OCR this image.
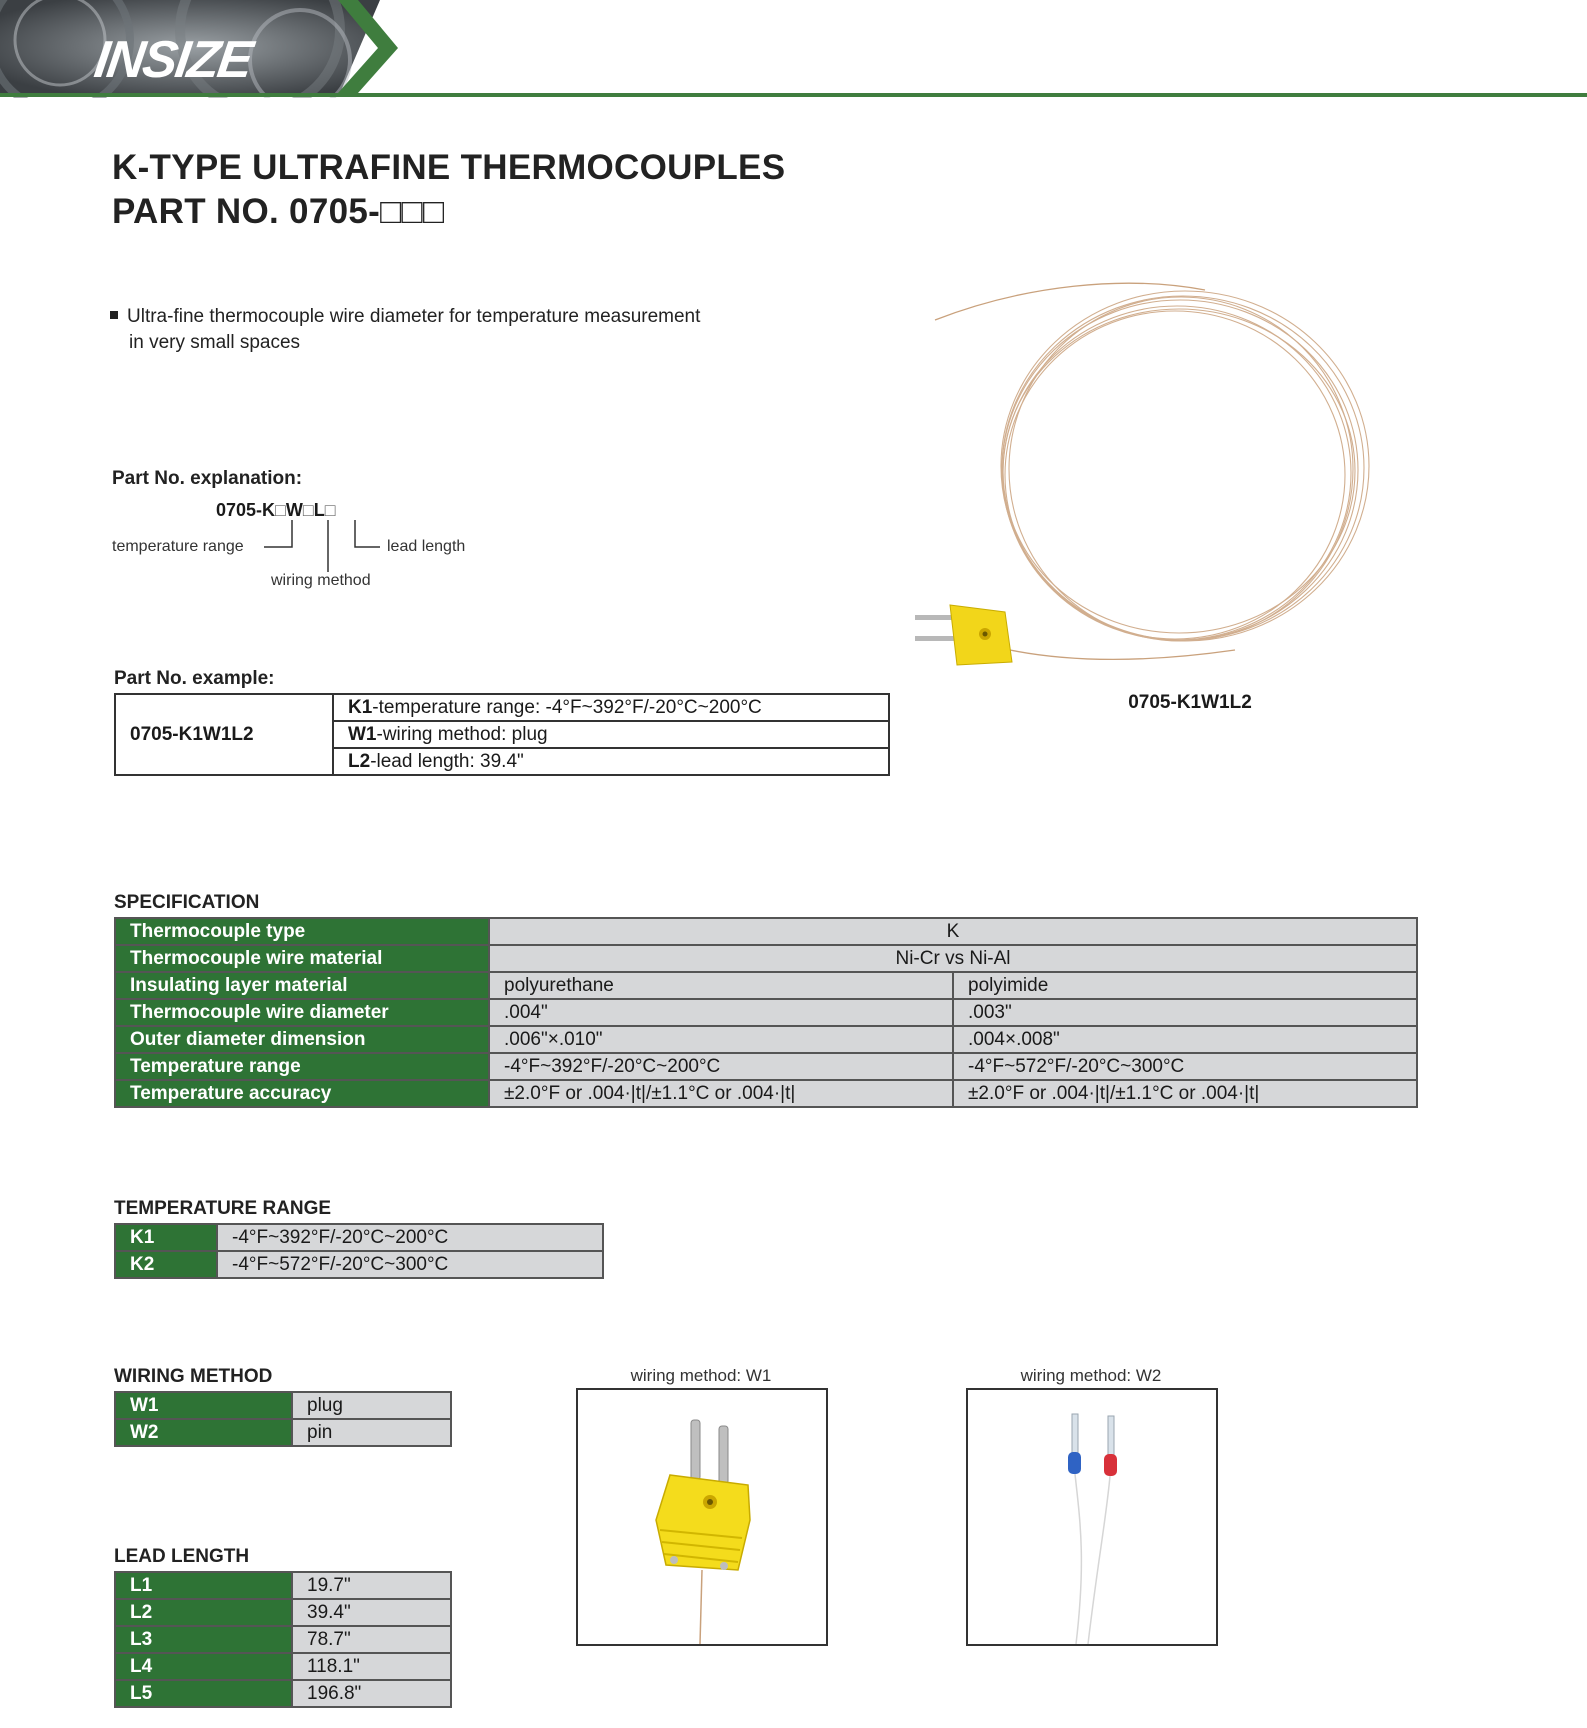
INSIZE
K-TYPE ULTRAFINE THERMOCOUPLES
PART NO. 0705-□□□
Ultra-fine thermocouple wire diameter for temperature measurement
in very small spaces
Part No. explanation:
0705-K□W□L□
temperature range	lead length
wiring method
Part No. example:
0705-K1W1L2	K1-temperature range: -4°F~392°F/-20°C~200°C
W1-wiring method: plug
L2-lead length: 39.4"
0705-K1W1L2
SPECIFICATION
Thermocouple type	K	
Thermocouple wire material	Ni-Cr vs Ni-Al	
Insulating layer material	polyurethane	polyimide
Thermocouple wire diameter	.004"	.003"
Outer diameter dimension	.006"×.010"	.004×.008"
Temperature range	-4°F~392°F/-20°C~200°C	-4°F~572°F/-20°C~300°C
Temperature accuracy	±2.0°F or .004·|t|/±1.1°C or .004·|t|	±2.0°F or .004·|t|/±1.1°C or .004·|t|
TEMPERATURE RANGE
K1	-4°F~392°F/-20°C~200°C
K2	-4°F~572°F/-20°C~300°C
WIRING METHOD
W1	plug
W2	pin
wiring method: W1	wiring method: W2
LEAD LENGTH
L1	19.7"
L2	39.4"
L3	78.7"
L4	118.1"
L5	196.8"
